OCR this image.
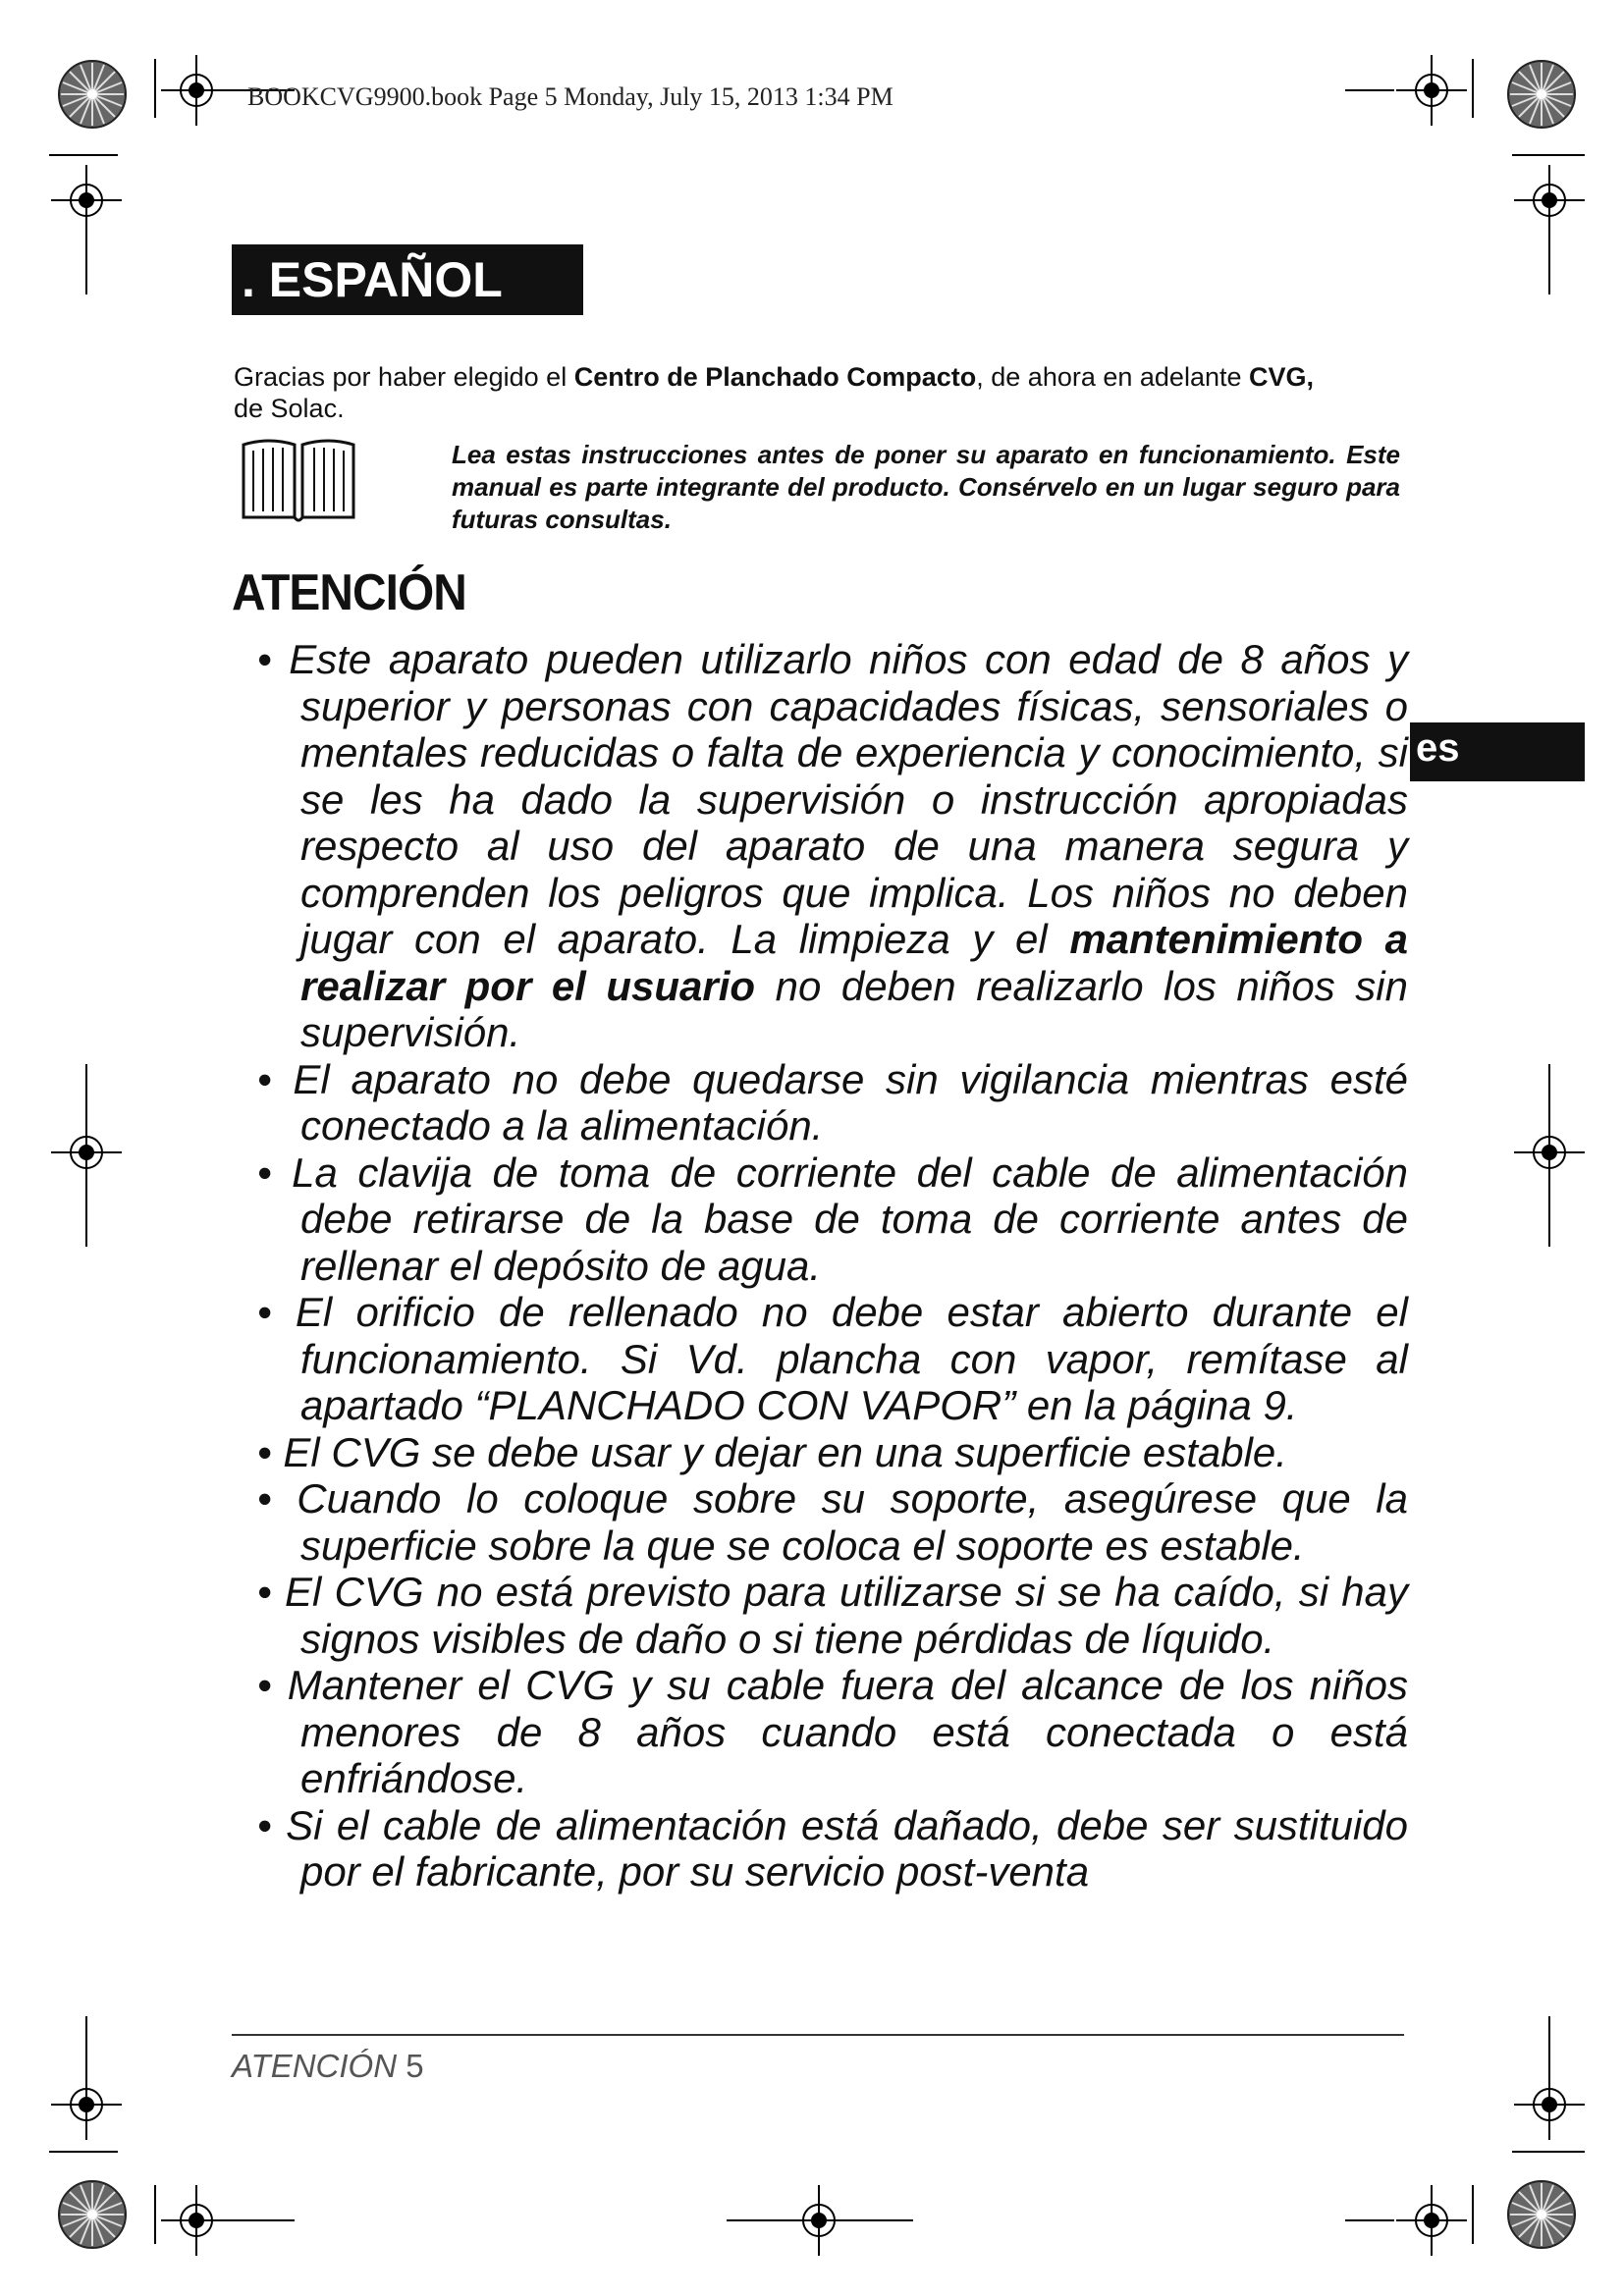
BOOKCVG9900.book Page 5 Monday, July 15, 2013 1:34 PM
. ESPAÑOL
Gracias por haber elegido el Centro de Planchado Compacto, de ahora en adelante CVG,
de Solac.
Lea estas instrucciones antes de poner su aparato en funcionamiento. Este manual es parte integrante del producto. Consérvelo en un lugar seguro para futuras consultas.
ATENCIÓN
• Este aparato pueden utilizarlo niños con edad de 8 años y superior y personas con capacidades físicas, sensoriales o mentales reducidas o falta de experiencia y conocimiento, si se les ha dado la supervisión o instrucción apropiadas respecto al uso del aparato de una manera segura y comprenden los peligros que implica. Los niños no deben jugar con el aparato. La limpieza y el mantenimiento a realizar por el usuario no deben realizarlo los niños sin supervisión.
• El aparato no debe quedarse sin vigilancia mientras esté conectado a la alimentación.
• La clavija de toma de corriente del cable de alimentación debe retirarse de la base de toma de corriente antes de rellenar el depósito de agua.
• El orificio de rellenado no debe estar abierto durante el funcionamiento. Si Vd. plancha con vapor, remítase al apartado “PLANCHADO CON VAPOR” en la página 9.
• El CVG se debe usar y dejar en una superficie estable.
• Cuando lo coloque sobre su soporte, asegúrese que la superficie sobre la que se coloca el soporte es estable.
• El CVG no está previsto para utilizarse si se ha caído, si hay signos visibles de daño o si tiene pérdidas de líquido.
• Mantener el CVG y su cable fuera del alcance de los niños menores de 8 años cuando está conectada o está enfriándose.
• Si el cable de alimentación está dañado, debe ser sustituido por el fabricante, por su servicio post-venta
es
ATENCIÓN 5
